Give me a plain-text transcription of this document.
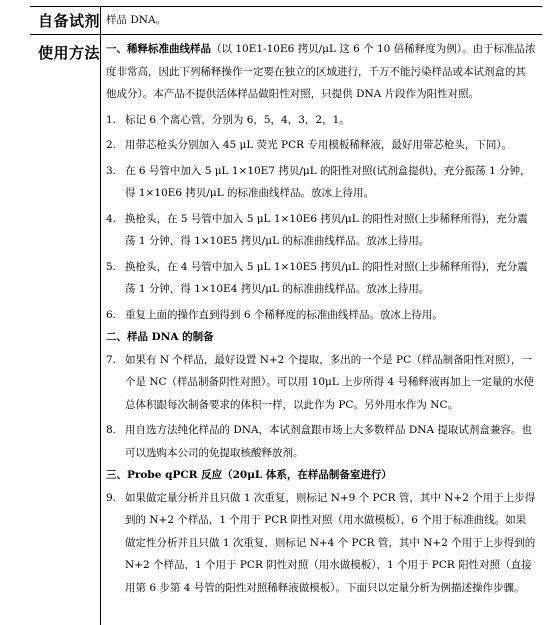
自备试剂 样品 DNA。

使用方法 一、稀释标准曲线样品（以 10E1-10E6 拷贝/μL 这 6 个 10 倍稀释度为例）。由于标准品浓度非常高，因此下列稀释操作一定要在独立的区域进行，千万不能污染样品或本试剂盒的其他成分）。本产品不提供活体样品做阳性对照，只提供 DNA 片段作为阳性对照。

1. 标记 6 个离心管，分别为 6，5，4，3，2，1。

2. 用带芯枪头分别加入 45 μL 荧光 PCR 专用模板稀释液，最好用带芯枪头，下同）。

3. 在 6 号管中加入 5 μL 1×10E7 拷贝/μL 的阳性对照(试剂盒提供)，充分振荡 1 分钟，得 1×10E6 拷贝/μL 的标准曲线样品。放冰上待用。

4. 换枪头，在 5 号管中加入 5 μL 1×10E6 拷贝/μL 的阳性对照(上步稀释所得)，充分震荡 1 分钟，得 1×10E5 拷贝/μL 的标准曲线样品。放冰上待用。

5. 换枪头，在 4 号管中加入 5 μL 1×10E5 拷贝/μL 的阳性对照(上步稀释所得)，充分震荡 1 分钟，得 1×10E4 拷贝/μL 的标准曲线样品。放冰上待用。

6. 重复上面的操作直到得到 6 个稀释度的标准曲线样品。放冰上待用。

二、样品 DNA 的制备

7. 如果有 N 个样品，最好设置 N+2 个提取，多出的一个是 PC（样品制备阳性对照），一个是 NC（样品制备阴性对照）。可以用 10μL 上步所得 4 号稀释液再加上一定量的水使总体积跟每次制备要求的体积一样，以此作为 PC。另外用水作为 NC。

8. 用自选方法纯化样品的 DNA，本试剂盒跟市场上大多数样品 DNA 提取试剂盒兼容。也可以选购本公司的免提取核酸释放剂。

三、Probe qPCR 反应（20μL 体系，在样品制备室进行）

9. 如果做定量分析并且只做 1 次重复，则标记 N+9 个 PCR 管，其中 N+2 个用于上步得到的 N+2 个样品，1 个用于 PCR 阴性对照（用水做模板），6 个用于标准曲线。如果做定性分析并且只做 1 次重复，则标记 N+4 个 PCR 管，其中 N+2 个用于上步得到的 N+2 个样品，1 个用于 PCR 阴性对照（用水做模板），1 个用于 PCR 阳性对照（直接用第 6 步第 4 号管的阳性对照稀释液做模板）。下面只以定量分析为例描述操作步骤。
